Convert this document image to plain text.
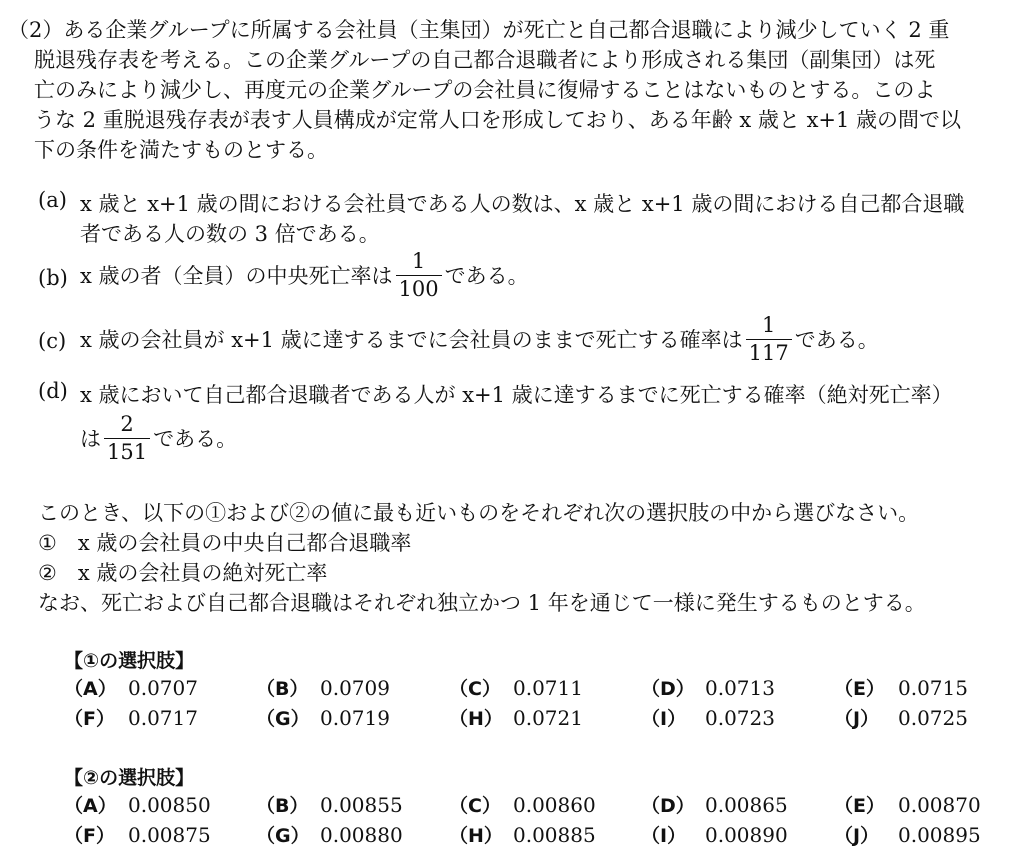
（2）ある企業グループに所属する会社員（主集団）が死亡と自己都合退職により減少していく 2 重
脱退残存表を考える。この企業グループの自己都合退職者により形成される集団（副集団）は死
亡のみにより減少し、再度元の企業グループの会社員に復帰することはないものとする。このよ
うな 2 重脱退残存表が表す人員構成が定常人口を形成しており、ある年齢 x 歳と x+1 歳の間で以
下の条件を満たすものとする。
(a) x 歳と x+1 歳の間における会社員である人の数は、x 歳と x+1 歳の間における自己都合退職
者である人の数の 3 倍である。
(b) x 歳の者（全員）の中央死亡率は $\frac{1}{100}$ である。
(c) x 歳の会社員が x+1 歳に達するまでに会社員のままで死亡する確率は $\frac{1}{117}$ である。
(d) x 歳において自己都合退職者である人が x+1 歳に達するまでに死亡する確率（絶対死亡率）
は $\frac{2}{151}$ である。
このとき、以下の①および②の値に最も近いものをそれぞれ次の選択肢の中から選びなさい。
①　x 歳の会社員の中央自己都合退職率
②　x 歳の会社員の絶対死亡率
なお、死亡および自己都合退職はそれぞれ独立かつ 1 年を通じて一様に発生するものとする。
【①の選択肢】
（A） 0.0707	（B） 0.0709	（C） 0.0711	（D） 0.0713	（E） 0.0715
（F） 0.0717	（G） 0.0719	（H） 0.0721	（I） 0.0723	（J） 0.0725
【②の選択肢】
（A） 0.00850 （B） 0.00855 （C） 0.00860 （D） 0.00865 （E） 0.00870
（F） 0.00875 （G） 0.00880 （H） 0.00885 （I） 0.00890 （J） 0.00895
